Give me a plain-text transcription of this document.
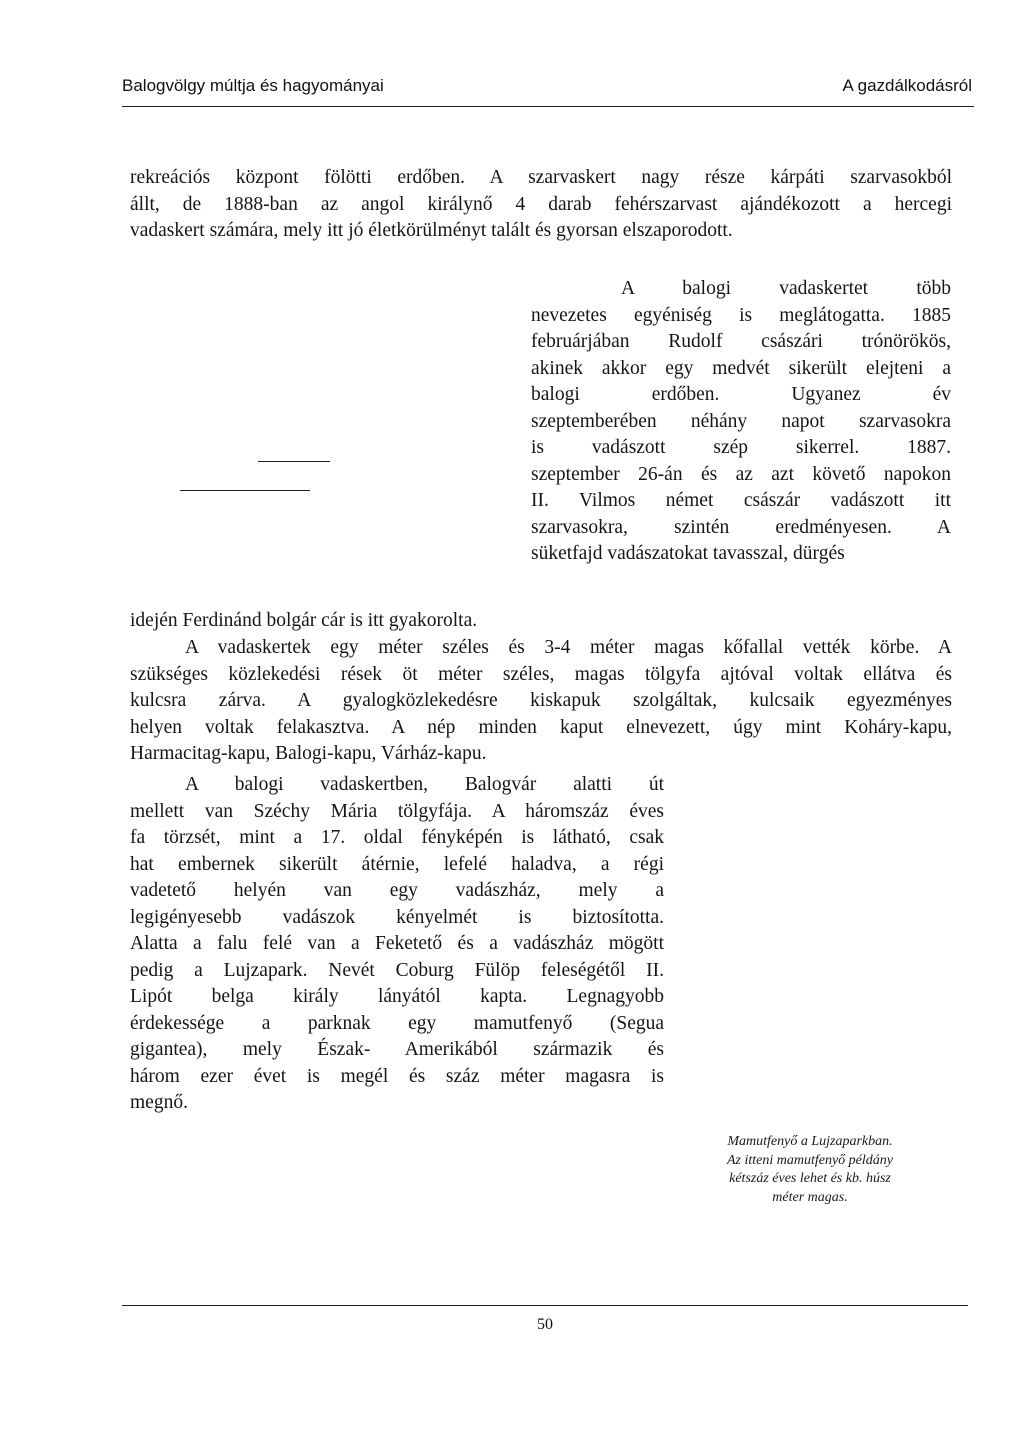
Balogvölgy múltja és hagyományai	A gazdálkodásról
rekreációs központ fölötti erdőben. A szarvaskert nagy része kárpáti szarvasokból
állt, de 1888-ban az angol királynő 4 darab fehérszarvast ajándékozott a hercegi
vadaskert számára, mely itt jó életkörülményt talált és gyorsan elszaporodott.
A balogi vadaskertet több
nevezetes egyéniség is meglátogatta. 1885
februárjában Rudolf császári trónörökös,
akinek akkor egy medvét sikerült elejteni a
balogi erdőben. Ugyanez év
szeptemberében néhány napot szarvasokra
is vadászott szép sikerrel. 1887.
szeptember 26-án és az azt követő napokon
II. Vilmos német császár vadászott itt
szarvasokra, szintén eredményesen. A
süketfajd vadászatokat tavasszal, dürgés
idején Ferdinánd bolgár cár is itt gyakorolta.
A vadaskertek egy méter széles és 3-4 méter magas kőfallal vették körbe. A
szükséges közlekedési rések öt méter széles, magas tölgyfa ajtóval voltak ellátva és
kulcsra zárva. A gyalogközlekedésre kiskapuk szolgáltak, kulcsaik egyezményes
helyen voltak felakasztva. A nép minden kaput elnevezett, úgy mint Koháry-kapu,
Harmacitag-kapu, Balogi-kapu, Várház-kapu.
A balogi vadaskertben, Balogvár alatti út
mellett van Széchy Mária tölgyfája. A háromszáz éves
fa törzsét, mint a 17. oldal fényképén is látható, csak
hat embernek sikerült átérnie, lefelé haladva, a régi
vadetető helyén van egy vadászház, mely a
legigényesebb vadászok kényelmét is biztosította.
Alatta a falu felé van a Feketető és a vadászház mögött
pedig a Lujzapark. Nevét Coburg Fülöp feleségétől II.
Lipót belga király lányától kapta. Legnagyobb
érdekessége a parknak egy mamutfenyő (Segua
gigantea), mely Észak- Amerikából származik és
három ezer évet is megél és száz méter magasra is
megnő.
Mamutfenyő a Lujzaparkban.
Az itteni mamutfenyő példány
kétszáz éves lehet és kb. húsz
méter magas.
50
